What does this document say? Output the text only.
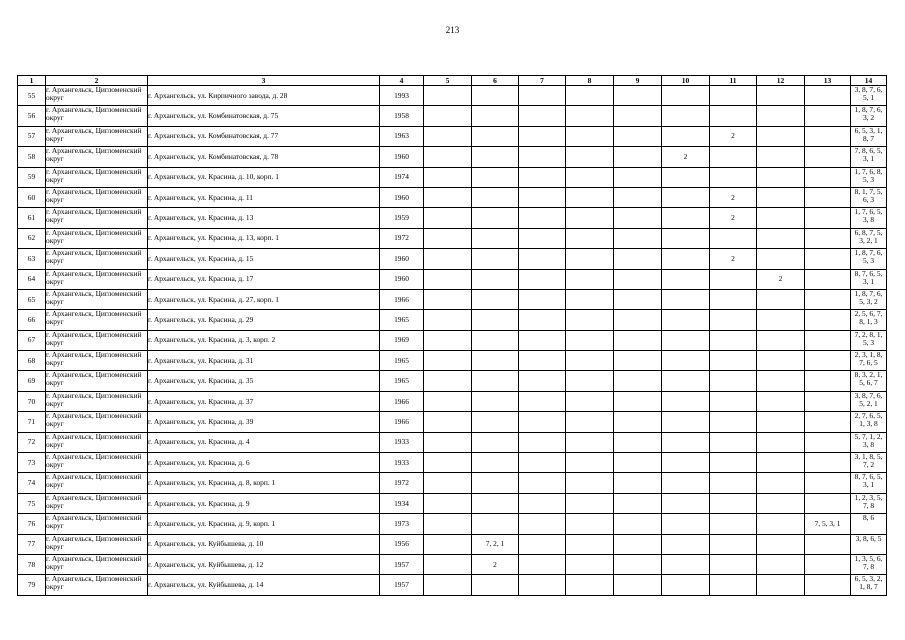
213
1	2	3	4	5	6	7	8	9	10	11	12	13	14
55	г. Архангельск, Цигломенский округ	г. Архангельск, ул. Кирпичного завода, д. 28	1993										3, 8, 7, 6, 5, 1
56	г. Архангельск, Цигломенский округ	г. Архангельск, ул. Комбинатовская, д. 75	1958										1, 8, 7, 6, 3, 2
57	г. Архангельск, Цигломенский округ	г. Архангельск, ул. Комбинатовская, д. 77	1963							2			6, 5, 3, 1, 8, 7
58	г. Архангельск, Цигломенский округ	г. Архангельск, ул. Комбинатовская, д. 78	1960						2				7, 8, 6, 5, 3, 1
59	г. Архангельск, Цигломенский округ	г. Архангельск, ул. Красина, д. 10, корп. 1	1974										1, 7, 6, 8, 5, 3
60	г. Архангельск, Цигломенский округ	г. Архангельск, ул. Красина, д. 11	1960							2			8, 1, 7, 5, 6, 3
61	г. Архангельск, Цигломенский округ	г. Архангельск, ул. Красина, д. 13	1959							2			1, 7, 6, 5, 3, 8
62	г. Архангельск, Цигломенский округ	г. Архангельск, ул. Красина, д. 13, корп. 1	1972										6, 8, 7, 5, 3, 2, 1
63	г. Архангельск, Цигломенский округ	г. Архангельск, ул. Красина, д. 15	1960							2			1, 8, 7, 6, 5, 3
64	г. Архангельск, Цигломенский округ	г. Архангельск, ул. Красина, д. 17	1960								2		8, 7, 6, 5, 3, 1
65	г. Архангельск, Цигломенский округ	г. Архангельск, ул. Красина, д. 27, корп. 1	1966										1, 8, 7, 6, 5, 3, 2
66	г. Архангельск, Цигломенский округ	г. Архангельск, ул. Красина, д. 29	1965										2, 5, 6, 7, 8, 1, 3
67	г. Архангельск, Цигломенский округ	г. Архангельск, ул. Красина, д. 3, корп. 2	1969										7, 2, 8, 1, 5, 3
68	г. Архангельск, Цигломенский округ	г. Архангельск, ул. Красина, д. 31	1965										2, 3, 1, 8, 7, 6, 5
69	г. Архангельск, Цигломенский округ	г. Архангельск, ул. Красина, д. 35	1965										8, 3, 2, 1, 5, 6, 7
70	г. Архангельск, Цигломенский округ	г. Архангельск, ул. Красина, д. 37	1966										3, 8, 7, 6, 5, 2, 1
71	г. Архангельск, Цигломенский округ	г. Архангельск, ул. Красина, д. 39	1966										2, 7, 6, 5, 1, 3, 8
72	г. Архангельск, Цигломенский округ	г. Архангельск, ул. Красина, д. 4	1933										5, 7, 1, 2, 3, 8
73	г. Архангельск, Цигломенский округ	г. Архангельск, ул. Красина, д. 6	1933										3, 1, 8, 5, 7, 2
74	г. Архангельск, Цигломенский округ	г. Архангельск, ул. Красина, д. 8, корп. 1	1972										8, 7, 6, 5, 3, 1
75	г. Архангельск, Цигломенский округ	г. Архангельск, ул. Красина, д. 9	1934										1, 2, 3, 5, 7, 8
76	г. Архангельск, Цигломенский округ	г. Архангельск, ул. Красина, д. 9, корп. 1	1973									7, 5, 3, 1	8, 6
77	г. Архангельск, Цигломенский округ	г. Архангельск, ул. Куйбышева, д. 10	1956		7, 2, 1								3, 8, 6, 5
78	г. Архангельск, Цигломенский округ	г. Архангельск, ул. Куйбышева, д. 12	1957		2								1, 3, 5, 6, 7, 8
79	г. Архангельск, Цигломенский округ	г. Архангельск, ул. Куйбышева, д. 14	1957										6, 5, 3, 2, 1, 8, 7
